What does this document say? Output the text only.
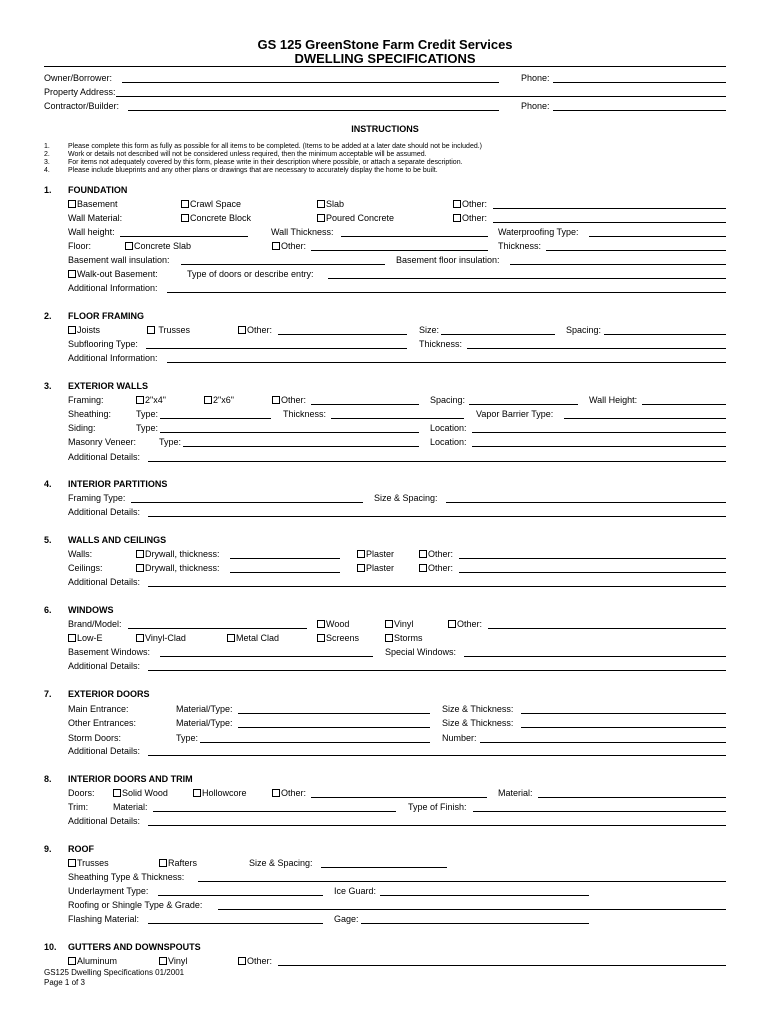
GS 125 GreenStone Farm Credit Services
DWELLING SPECIFICATIONS
Owner/Borrower:	Phone:
Property Address:
Contractor/Builder:	Phone:
INSTRUCTIONS
1.	Please complete this form as fully as possible for all items to be completed. (Items to be added at a later date should not be included.)
2.	Work or details not described will not be considered unless required, then the minimum acceptable will be assumed.
3.	For items not adequately covered by this form, please write in their description where possible, or attach a separate description.
4.	Please include blueprints and any other plans or drawings that are necessary to accurately display the home to be built.
1. FOUNDATION
Basement	Crawl Space	Slab	Other:
Wall Material:	Concrete Block	Poured Concrete	Other:
Wall height:	Wall Thickness:	Waterproofing Type:
Floor:	Concrete Slab	Other:	Thickness:
Basement wall insulation:	Basement floor insulation:
Walk-out Basement:	Type of doors or describe entry:
Additional Information:
2. FLOOR FRAMING
Joists	Trusses	Other:	Size:	Spacing:
Subflooring Type:	Thickness:
Additional Information:
3. EXTERIOR WALLS
Framing:	2"x4"	2"x6"	Other:	Spacing:	Wall Height:
Sheathing:	Type:	Thickness:	Vapor Barrier Type:
Siding:	Type:	Location:
Masonry Veneer:	Type:	Location:
Additional Details:
4. INTERIOR PARTITIONS
Framing Type:	Size & Spacing:
Additional Details:
5. WALLS AND CEILINGS
Walls:	Drywall, thickness:	Plaster	Other:
Ceilings:	Drywall, thickness:	Plaster	Other:
Additional Details:
6. WINDOWS
Brand/Model:	Wood	Vinyl	Other:
Low-E	Vinyl-Clad	Metal Clad	Screens	Storms
Basement Windows:	Special Windows:
Additional Details:
7. EXTERIOR DOORS
Main Entrance:	Material/Type:	Size & Thickness:
Other Entrances:	Material/Type:	Size & Thickness:
Storm Doors:	Type:	Number:
Additional Details:
8. INTERIOR DOORS AND TRIM
Doors:	Solid Wood	Hollowcore	Other:	Material:
Trim:	Material:	Type of Finish:
Additional Details:
9. ROOF
Trusses	Rafters	Size & Spacing:
Sheathing Type & Thickness:
Underlayment Type:	Ice Guard:
Roofing or Shingle Type & Grade:
Flashing Material:	Gage:
10. GUTTERS AND DOWNSPOUTS
Aluminum	Vinyl	Other:
GS125 Dwelling Specifications 01/2001
Page 1 of 3
